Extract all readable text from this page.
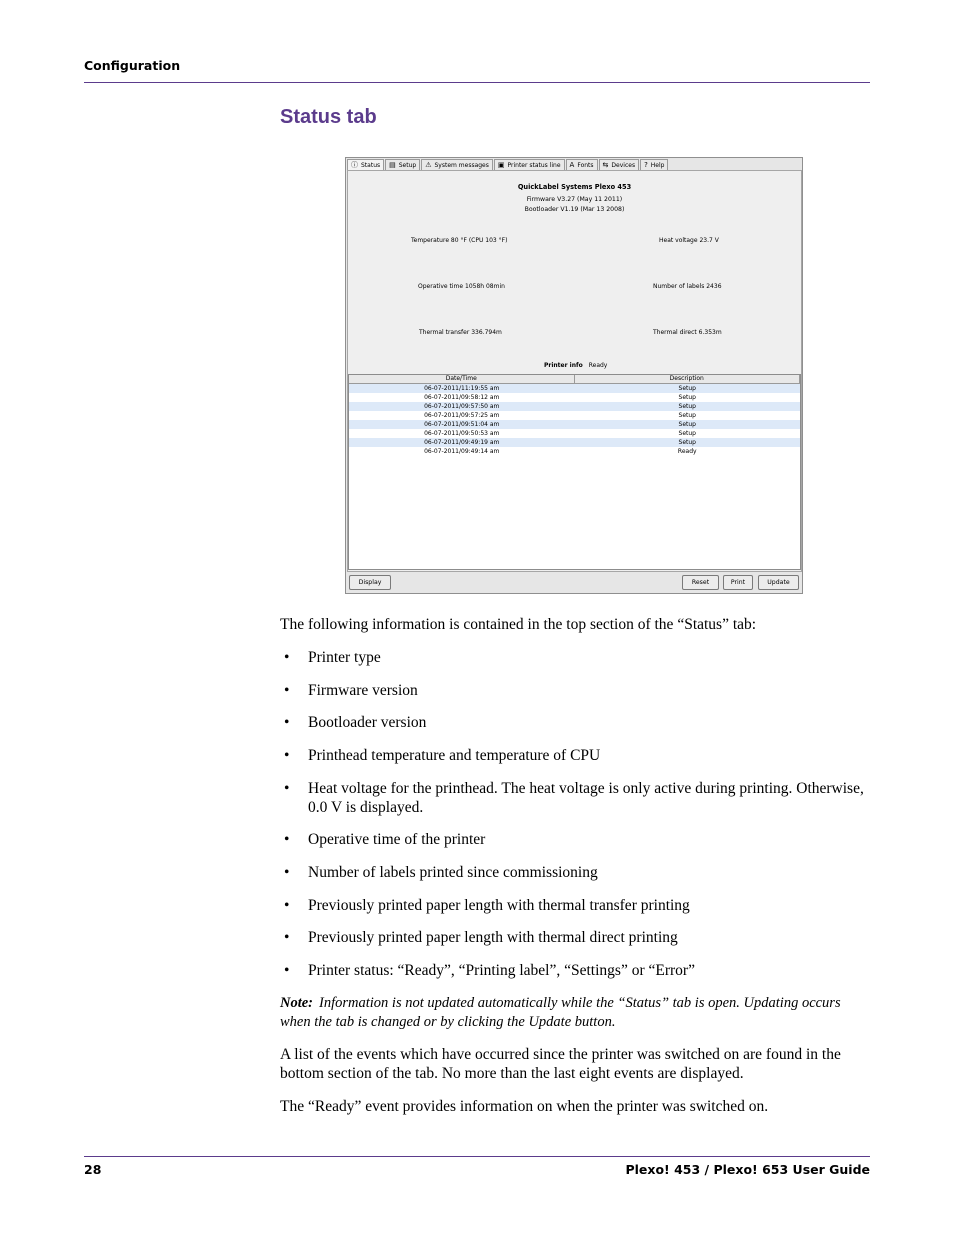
Configuration
Status tab
ⓘ Status ▤ Setup ⚠ System messages ▣ Printer status line A Fonts ⇆ Devices ? Help
QuickLabel Systems Plexo 453
Firmware V3.27 (May 11 2011)
Bootloader V1.19 (Mar 13 2008)
Temperature 80 °F (CPU 103 °F)	Heat voltage 23.7 V
Operative time 1058h 08min	Number of labels 2436
Thermal transfer 336.794m	Thermal direct 6.353m
Printer info Ready
Date/Time	Description
06-07-2011/11:19:55 am	Setup
06-07-2011/09:58:12 am	Setup
06-07-2011/09:57:50 am	Setup
06-07-2011/09:57:25 am	Setup
06-07-2011/09:51:04 am	Setup
06-07-2011/09:50:53 am	Setup
06-07-2011/09:49:19 am	Setup
06-07-2011/09:49:14 am	Ready
Display	Reset	Print	Update
The following information is contained in the top section of the “Status” tab:
• Printer type
• Firmware version
• Bootloader version
• Printhead temperature and temperature of CPU
• Heat voltage for the printhead. The heat voltage is only active during printing. Otherwise, 0.0 V is displayed.
• Operative time of the printer
• Number of labels printed since commissioning
• Previously printed paper length with thermal transfer printing
• Previously printed paper length with thermal direct printing
• Printer status: “Ready”, “Printing label”, “Settings” or “Error”
Note: Information is not updated automatically while the “Status” tab is open. Updating occurs when the tab is changed or by clicking the Update button.
A list of the events which have occurred since the printer was switched on are found in the bottom section of the tab. No more than the last eight events are displayed.
The “Ready” event provides information on when the printer was switched on.
28	Plexo! 453 / Plexo! 653 User Guide
